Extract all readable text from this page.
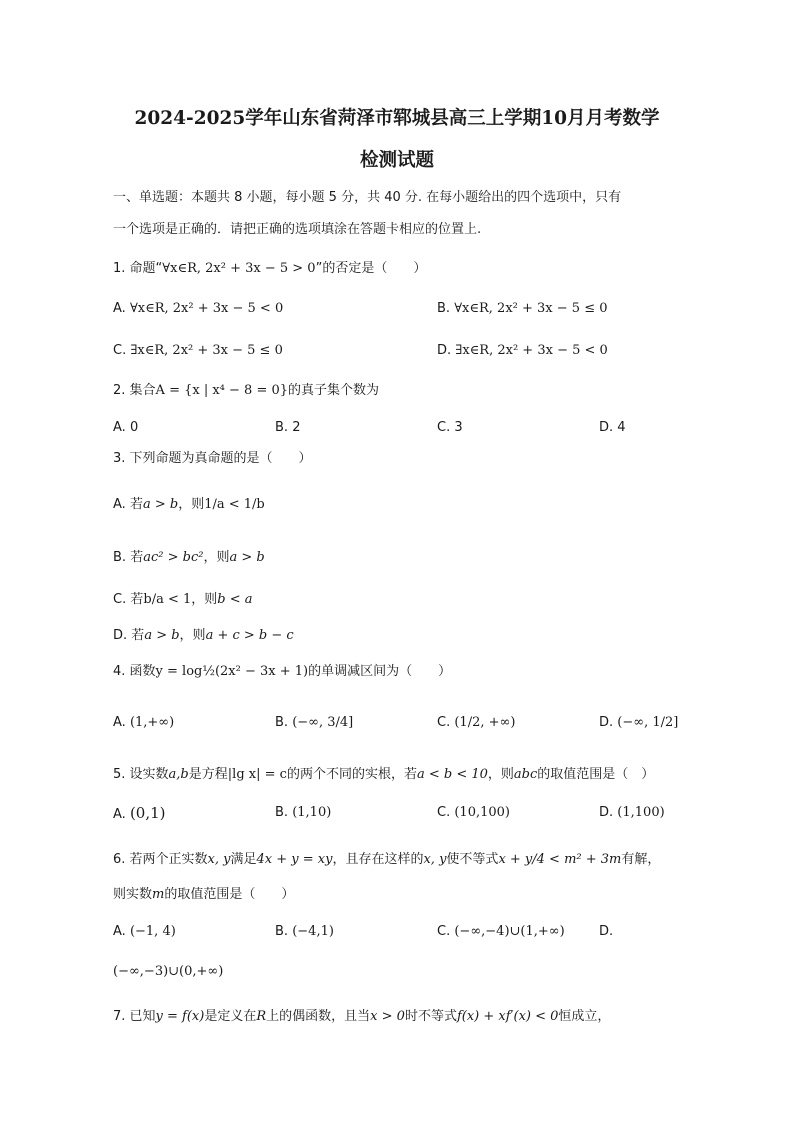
2024-2025学年山东省菏泽市郓城县高三上学期10月月考数学
检测试题
一、单选题：本题共 8 小题，每小题 5 分，共 40 分. 在每小题给出的四个选项中，只有
一个选项是正确的．请把正确的选项填涂在答题卡相应的位置上.
1. 命题“∀x∈R, 2x² + 3x − 5 > 0”的否定是（　　）
A. ∀x∈R, 2x² + 3x − 5 < 0	B. ∀x∈R, 2x² + 3x − 5 ≤ 0
C. ∃x∈R, 2x² + 3x − 5 ≤ 0	D. ∃x∈R, 2x² + 3x − 5 < 0
2. 集合A = {x | x⁴ − 8 = 0}的真子集个数为
A. 0	B. 2	C. 3	D. 4
3. 下列命题为真命题的是（　　）
A. 若a > b，则1/a < 1/b
B. 若ac² > bc²，则a > b
C. 若b/a < 1，则b < a
D. 若a > b，则a + c > b − c
4. 函数y = log½(2x² − 3x + 1)的单调减区间为（　　）
A. (1,+∞)	B. (−∞, 3/4]	C. (1/2, +∞)	D. (−∞, 1/2]
5. 设实数a,b是方程|lg x| = c的两个不同的实根，若a < b < 10，则abc的取值范围是（　）
A. (0,1)	B. (1,10)	C. (10,100)	D. (1,100)
6. 若两个正实数x, y满足4x + y = xy，且存在这样的x, y使不等式x + y/4 < m² + 3m有解，
则实数m的取值范围是（　　）
A. (−1, 4)	B. (−4,1)	C. (−∞,−4)∪(1,+∞)	D.
(−∞,−3)∪(0,+∞)
7. 已知y = f(x)是定义在R上的偶函数，且当x > 0时不等式f(x) + xf′(x) < 0恒成立，
